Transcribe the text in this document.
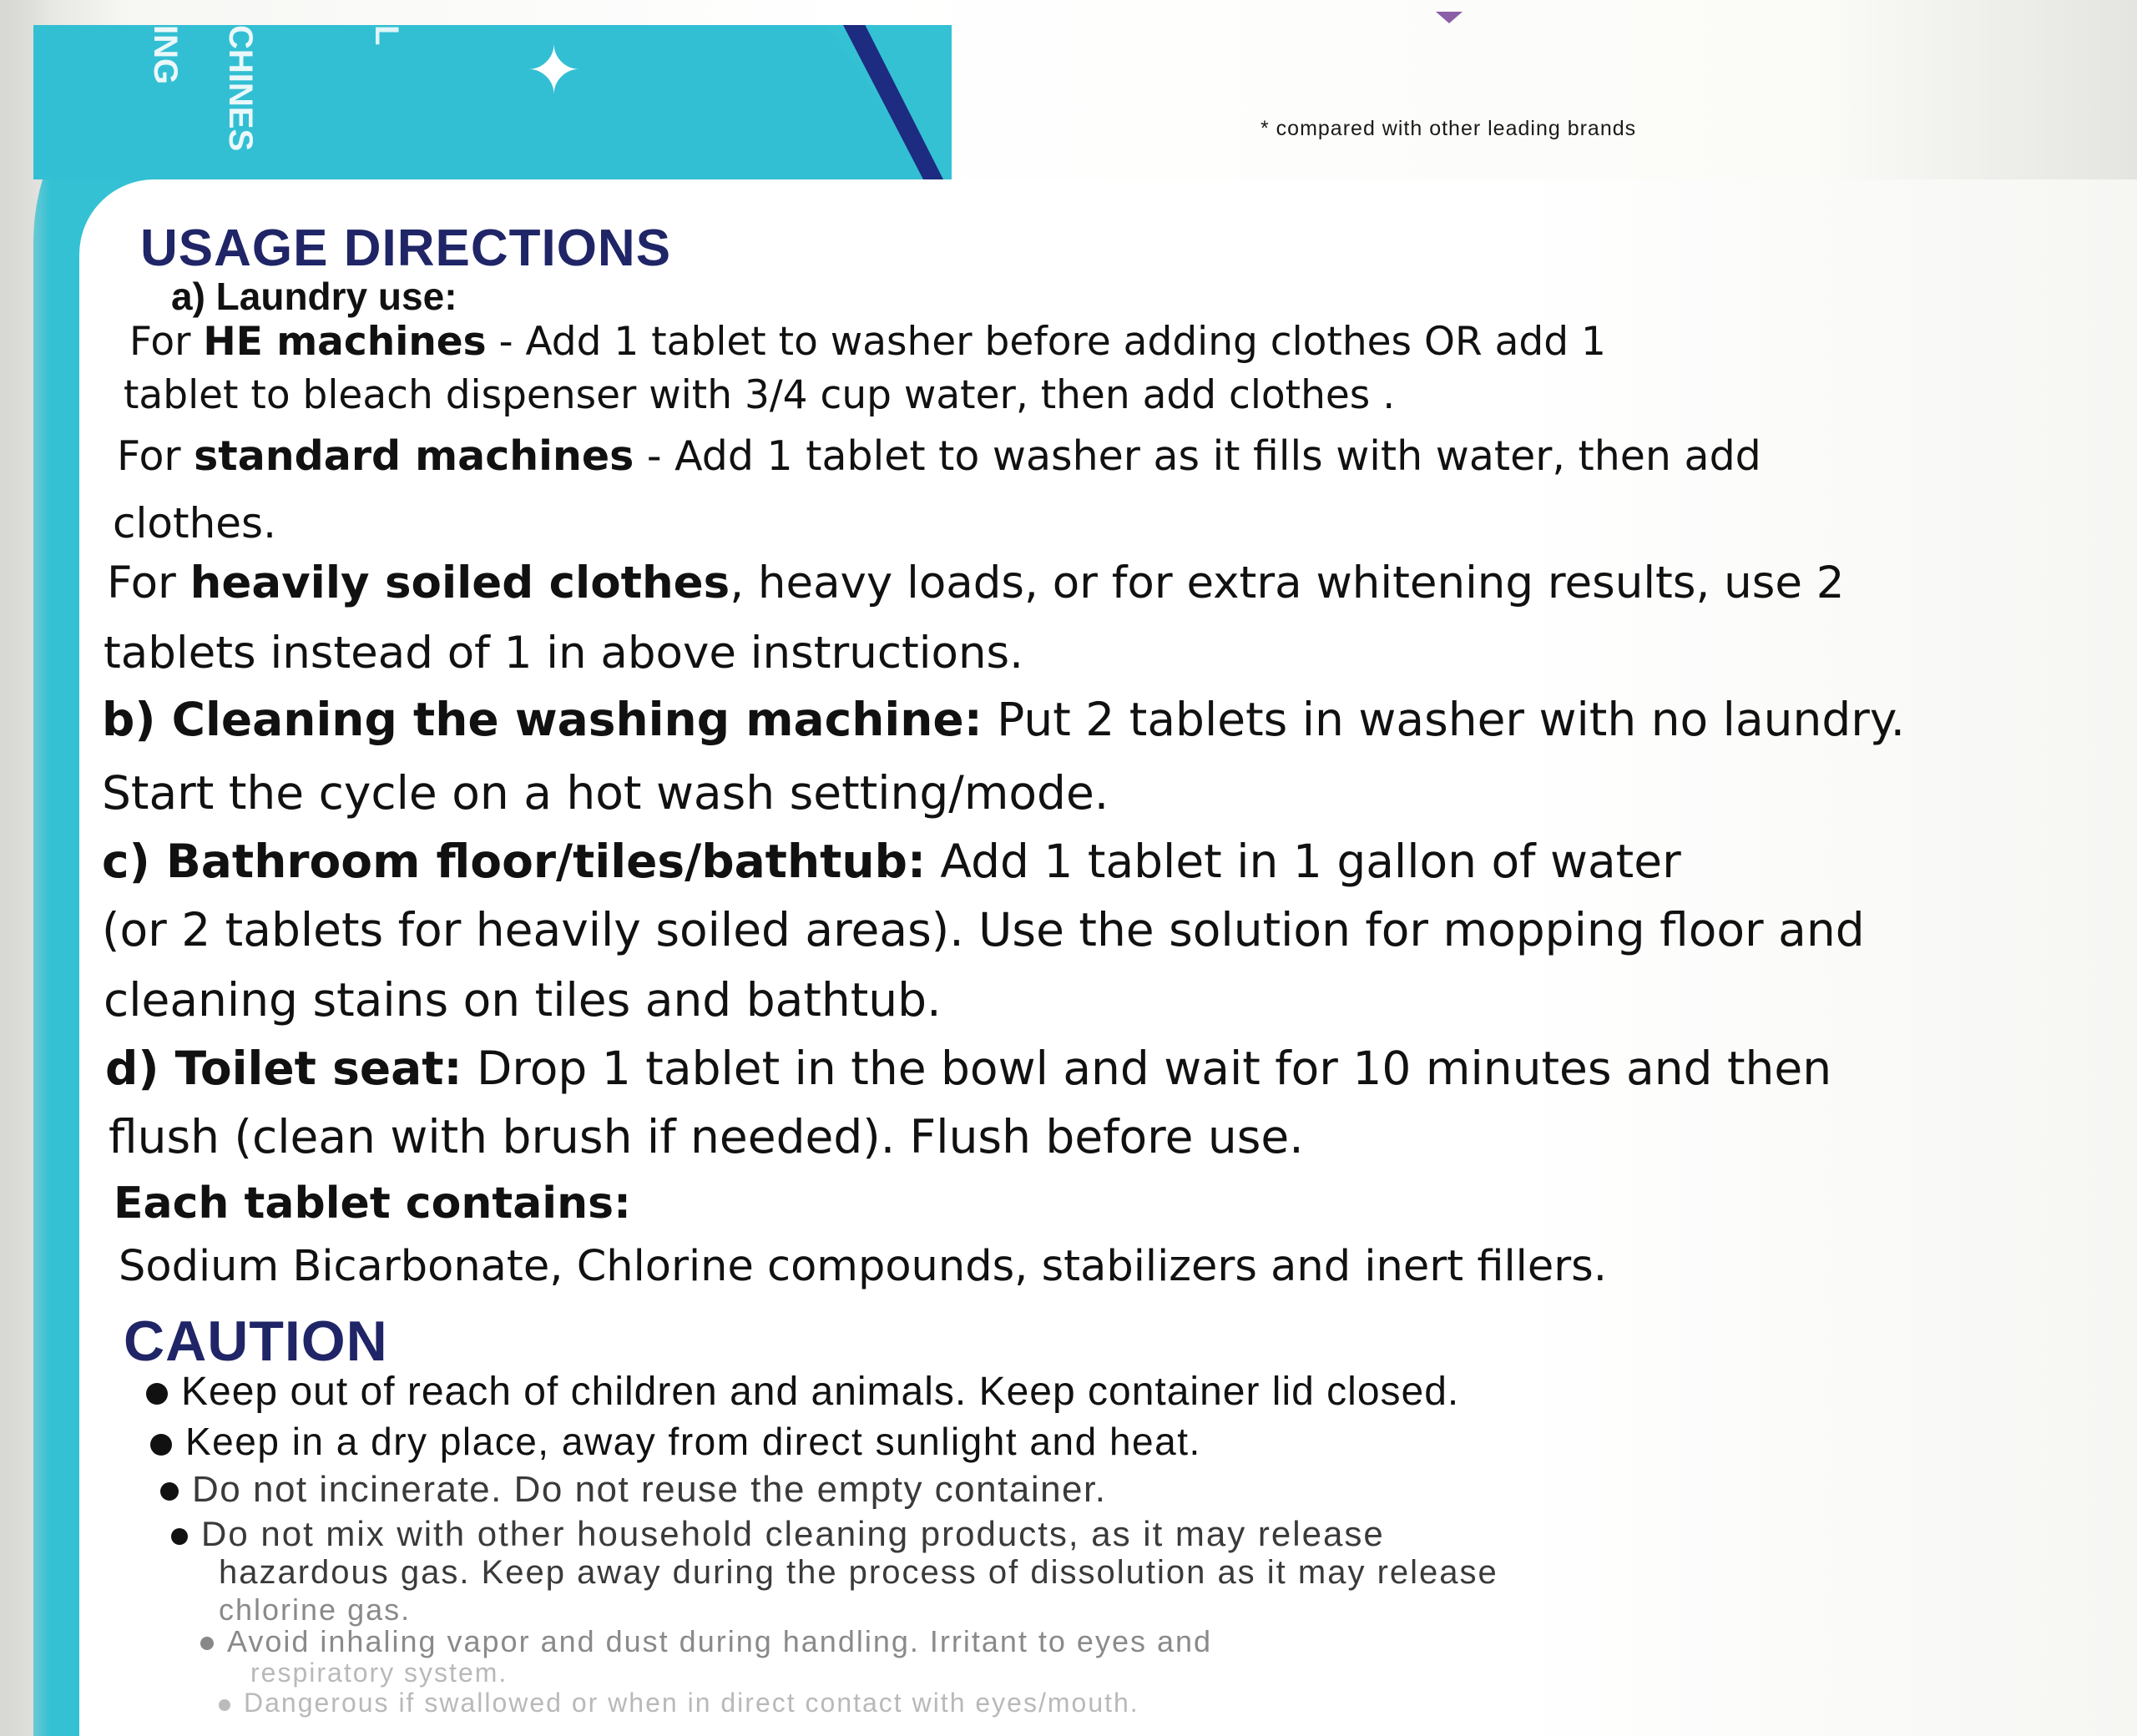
✦
CHINES
ING	L
* compared with other leading brands
USAGE DIRECTIONS
a) Laundry use:
For HE machines - Add 1 tablet to washer before adding clothes OR add 1
tablet to bleach dispenser with 3/4 cup water, then add clothes .
For standard machines - Add 1 tablet to washer as it fills with water, then add
clothes.
For heavily soiled clothes, heavy loads, or for extra whitening results, use 2
tablets instead of 1 in above instructions.
b) Cleaning the washing machine: Put 2 tablets in washer with no laundry.
Start the cycle on a hot wash setting/mode.
c) Bathroom floor/tiles/bathtub: Add 1 tablet in 1 gallon of water
(or 2 tablets for heavily soiled areas). Use the solution for mopping floor and
cleaning stains on tiles and bathtub.
d) Toilet seat: Drop 1 tablet in the bowl and wait for 10 minutes and then
flush (clean with brush if needed). Flush before use.
Each tablet contains:
Sodium Bicarbonate, Chlorine compounds, stabilizers and inert fillers.
CAUTION
Keep out of reach of children and animals. Keep container lid closed.
Keep in a dry place, away from direct sunlight and heat.
Do not incinerate. Do not reuse the empty container.
Do not mix with other household cleaning products, as it may release
hazardous gas. Keep away during the process of dissolution as it may release
chlorine gas.
Avoid inhaling vapor and dust during handling. Irritant to eyes and
respiratory system.
Dangerous if swallowed or when in direct contact with eyes/mouth.
